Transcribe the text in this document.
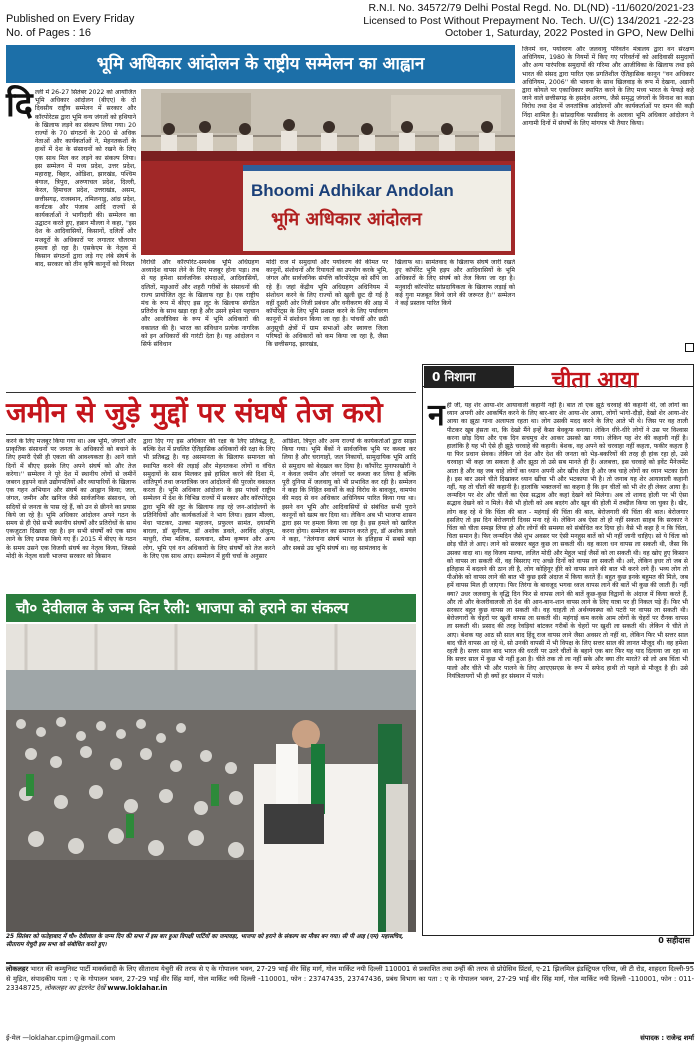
Published on Every Friday
No. of Pages : 16
R.N.I. No. 34572/79 Delhi Postal Regd. No. DL(ND) -11/6020/2021-23
Licensed to Post Without Prepayment No. Tech. U/(C) 134/2021 -22-23
October 1, Saturday, 2022 Posted in GPO, New Delhi
भूमि अधिकार आंदोलन के राष्ट्रीय सम्मेलन का आह्वान
दि ल्ली में 26-27 सितंबर 2022 को आयोजित भूमि अधिकार आंदोलन (बीएए) के दो दिवसीय राष्ट्रीय सम्मेलन में सरकार और कॉरपोरेटस द्वारा भूमि वन्य जंगलों को हथियाने के खिलाफ लड़ने का संकल्प लिया गया। 20 राज्यों के 70 संगठनों के 200 से अधिक नेताओं और कार्यकर्ताओं ने, मेहनतकशों के हाथों में देश के संसाधनों को रखने के लिए एक साथ मिल कर लड़ने का संकल्प लिया। इस सम्मेलन में मध्य प्रदेश, उत्तर प्रदेश, महाराष्ट्र, बिहार, ओडिशा, झारखंड, पश्चिम बंगाल, त्रिपुरा, अरुणाचल प्रदेश, दिल्ली, केरल, हिमाचल प्रदेश, उत्तराखंड, असम, छत्तीसगढ़, राजस्थान, तमिलनाडु, आंध्र प्रदेश, कर्नाटक और पंजाब आदि राज्यों से कार्यकर्ताओं ने भागीदारी की। सम्मेलन का उद्घाटन करते हुए, हन्नान मौल्ला ने कहा, ''इस देश के आदिवासियों, किसानों, दलितों और मजदूरों के अधिकारों पर लगातार चौतरफा हमला हो रहा है। एसकेएम के नेतृत्व में किसान संगठनों द्वारा लड़े गए लंबे संघर्ष के बाद, सरकार को तीन कृषि कानूनों को निरस्त
Bhoomi Adhikar Andolan
भूमि अधिकार आंदोलन
विरोधी और कॉरपोरेट-समर्थक भूमि अधिग्रहण अध्यादेश वापस लेने के लिए मजबूर होना पड़ा। तब से यह हमेशा सार्वजनिक संपदाओं, आदिवासियों, दलितों, मछुआरों और शहरी गरीबों के संसाधनों की राज्य प्रायोजित लूट के खिलाफ रहा है। एक राष्ट्रीय मंच के रूप में बीएए इस लूट के खिलाफ संगठित प्रतिरोध के साथ खड़ा रहा है और उसने हमेशा पहचान और आजीविका के रूप में भूमि अधिकारों की वकालत की है। भारत का संविधान प्रत्येक नागरिक को इन अधिकारों की गारंटी देता है। यह आंदोलन न सिर्फ संविधान
मोदी राज में समुदायों और पर्यावरण की कीमत पर कानूनों, संशोधनों और रियायतों का उपयोग करके भूमि, जंगल और सार्वजनिक संपत्ति कॉरपोरेट्स को सौंपे जा रहे हैं। जहां केंद्रीय भूमि अधिग्रहण अधिनियम में संशोधन करने के लिए राज्यों को खुली छूट दी गई है वहीं दूसरी ओर निजी प्रबंधन और वनीकरण की आड़ में कॉर्पोरेट्स के लिए भूमि प्रशस्त करने के लिए पर्यावरण कानूनों में संशोधन किया जा रहा है। पांचवीं और छठी अनुसूची क्षेत्रों में ग्राम सभाओं और स्वायत्त जिला परिषदों के अधिकारों को कम किया जा रहा है, जैसा कि छत्तीसगढ़, झारखंड,
खिलाफ था। सामंतवाद के खिलाफ संघर्ष जारी रखते हुए कॉर्पोरेट भूमि हड़प और आदिवासियों के भूमि अधिकारों के लिए संघर्ष को तेज किया जा रहा है। मनुवादी कॉरपोरेट सांप्रदायिकता के खिलाफ लड़ाई को कई गुना मजबूत किये जाने की जरूरत है।'' सम्मेलन ने कई प्रस्ताव पारित किये
जिनमें वन, पर्यावरण और जलवायु परिवर्तन मंत्रालय द्वारा वन संरक्षण अधिनियम, 1980 के नियमों में किए गए परिवर्तनों को आदिवासी समुदायों और अन्य पारंपरिक समुदायों की गरिमा और आजीविका के खिलाफ तथा इसे भारत की संसद द्वारा पारित एक प्रगतिशील ऐतिहासिक कानून ''वन अधिकार अधिनियम, 2006'' की भावना के साथ खिलवाड़ के रूप में देखना, अडानी द्वारा कोयले पर एकाधिकार स्थापित करने के लिए मध्य भारत के फेफड़े कहे जाने वाले छत्तीसगढ़ के हसदेव अरण्य, जैसे समृद्ध जंगलों के विनाश का कड़ा विरोध तथा देश में जनतांत्रिक आंदोलनों और कार्यकर्ताओं पर दमन की कड़ी निंदा शामिल है। सांप्रदायिक फासीवाद के अलावा भूमि अधिकार आंदोलन ने आगामी दिनों में संघर्षों के लिए मांगपत्र भी तैयार किया।
जमीन से जुड़े मुद्दों पर संघर्ष तेज करो
करने के लिए मजबूर किया गया था। अब भूमि, जंगलों और प्राकृतिक संसाधनों पर जनता के अधिकारों को बचाने के लिए हमारी ऐसी ही एकता की आवश्यकता है। आने वाले दिनों में बीएए इसके लिए अपने संघर्ष को और तेज करेगा।'' सम्मेलन ने पूरे देश में स्थानीय लोगों से जमीनें जबरन हड़पने वाले उद्योगपतियों और व्यापारियों के खिलाफ एक गहन अभियान और संघर्ष का आह्वान किया; जल, जंगल, जमीन और खनिज जैसे सार्वजनिक संसाधन, जो सदियों से जनता के पास रहे हैं, को उन से छीनने का प्रयास किये जा रहे है। भूमि अधिकार आंदोलन अपने गठन के समय से ही ऐसे सभी स्थानीय संघर्षों और प्रतिरोधों के साथ एकजुटता दिखाता रहा है। इन सभी संघर्षों को एक साथ लाने के लिए प्रयास किये गए हैं। 2015 में बीएए के गठन के समय उसने एक विजयी संघर्ष का नेतृत्व किया, जिससे मोदी के नेतृत्व वाली भाजपा सरकार को किसान
द्वारा दिए गए इस अधिकार की रक्षा के लिए प्रतिबद्ध है, बल्कि देश में प्रचलित ऐतिहासिक अधिकारों की रक्षा के लिए भी प्रतिबद्ध है। यह असमानता के खिलाफ समानता को स्थापित करने की लड़ाई और मेहनतकश लोगों व वंचित समुदायों के साथ मिलकर इसे हासिल करने की दिशा में, शांतिपूर्ण तथा जनतांत्रिक जन आंदोलनों की पुरजोर वकालत करता है। भूमि अधिकार आंदोलन के इस पांचवें राष्ट्रीय सम्मेलन में देश के विभिन्न राज्यों में सरकार और कॉरपोरेट्स द्वारा भूमि की लूट के खिलाफ लड़ रहे जन-आंदोलनों के प्रतिनिधियों और कार्यकर्ताओं ने भाग लिया। हन्नान मौल्ला, मेधा पाटकर, उल्का महाजन, प्रफुल्ल सामंत, दयामणि बारला, डॉ सुनीलम, डॉ अशोक डवले, अरविंद अंजुम, माधुरी, रोमा मलिक, सत्यवान, सौम्य कृष्णन और अन्य लोग, भूमि एवं वन अधिकारों के लिए संघर्षों को तेज करने के लिए एक साथ आए। सम्मेलन में हुयी चर्चा के अनुसार
ओडिशा, त्रिपुरा और अन्य राज्यों के कार्यकर्ताओं द्वारा साझा किया गया। भूमि बैंकों ने सार्वजनिक भूमि पर कब्जा कर लिया है और चरागाहों, जल निकायों, सामुदायिक भूमि आदि से समुदाय को बेदखल कर दिया है। कॉर्पोरेट मुनाफाखोरी ने न केवल जमीन और जंगलों पर कब्जा कर लिया है बल्कि पूरी दुनिया में जलवायु को भी प्रभावित कर रही है। सम्मेलन ने कहा कि निहित स्वार्थों के कड़े विरोध के बावजूद, वामपंथ की मदद से वन अधिकार अधिनियम पारित किया गया था। इसने वन भूमि और आदिवासियों से संबंधित सभी पुराने कानूनों को खत्म कर दिया था। लेकिन अब भी भाजपा शासन द्वारा इस पर हमला किया जा रहा है। इस हमले को खारिज करना होगा। सम्मेलन का समापन करते हुए, डॉ अशोक डवले ने कहा, ''तेलंगाना संघर्ष भारत के इतिहास में सबसे बड़ा और सबसे उग्र भूमि संघर्ष था। वह सामंतवाद के
0 निशाना	चीता आया
न हीं जी, यह शेर आया-शेर आयावाली कहानी नहीं है। बात तो एक झूठे चरवाहे की कहानी थी, जो लोगों का ध्यान अपनी ओर आकर्षित करने के लिए बार-बार शेर आया-शेर आया, लोगों भागो-दौड़ो, देखो शेर आया-शेर आया का झूठा गाना अलापता रहता था। लोग उसकी मदद करने के लिए आते भी थे। जिस पर वह ताली पीटकर खूब हंसता था, कि देखो मैंने इन्हें कैसा बेवकूफ बनाया। लेकिन धीरे-धीरे लोगों ने उस पर विश्वास करना छोड़ दिया और एक दिन सचमुच शेर आकर उसको खा गया। लेकिन यह शेर की कहानी नहीं है। हालांकि है यह भी ऐसे ही झूठे चरवाहे की कहानी। बेशक, वह अपने को चरवाहा नहीं कहता, फकीर कहता है या फिर प्रधान सेवक। लेकिन जो देश और देश की जनता को भेड़-बकरियों की तरह ही हांक रहा हो, उसे चरवाहा भी कहा जा सकता है और झूठा तो उसे सब मानते ही हैं। अलबत्ता, इस चरवाहे को इवेंट मैनेजमेंट आता है और वह जब चाहे लोगों का ध्यान अपनी ओर खींच लेता है और जब चाहे लोगों का ध्यान भटका देता है। इस बार उसने चीते दिखाकर ध्यान खींचा भी और भटकाया भी है। तो जनाब यह शेर आयावाली कहानी नहीं, यह तो चीतों की कहानी है। हालांकि भक्तजनों का कहना है कि इन चीतों को भी शेर ही लेकर आया है। जन्मदिन पर शेर और चीतों का ऐसा सद्भाव और कहां देखने को मिलेगा। अब तो शायद होली पर भी ऐसा सद्भाव देखने को न मिले। वैसे भी होली को अब बदरंग और खून की होली में तब्दील किया जा चुका है। खैर, लोग कह रहे थे कि चिंता की बात - महंगाई की चिंता की बात, बेरोजगारी की चिंता की बात। बेरोजगार इसलिए तो इस दिन बेरोजगारी दिवस मना रहे थे। लेकिन अब ऐसा तो हो नहीं सकता साहब कि सरकार ने चिंता को चीता समझ लिया हो और लोगों की समस्या को संबोधित कर दिया हो। वैसे भी कहा है न कि चिंता, चिता समान है। फिर जन्मदिन जैसे शुभ अवसर पर ऐसी मनहूस बातें को भी नहीं जानी चाहिए। सो ये चिंता को छोड़ चीते ले आए। लाने को सरकार बहुत कुछ ला सकती थी। वह काला धन वापस ला सकती थी, जैसा कि उसका वादा था। वह विजय माल्या, ललित मोदी और मेहुल भाई जैसों को ला सकती थी। वह खोए हुए किसान को वापस ला सकती थी, वह बिसराए गए अच्छे दिनों को वापस ला सकती थी। अरे, लेकिन इधर तो जब से इतिहास में बदलने की ठान ली है, लोग कोहिनूर हीरे को वापस लाने की बात भी करने लगे हैं। भव्य लोग तो पीओके को वापस लाने की बात भी कुछ इसी अंदाज में किया करते हैं। बहुत कुछ इनके बहुमत की मिले, जब हमें वापस मिल ही जाएगा। फिर तिरंगा के बावजूद भगवा ध्वज वापस लाने की बातें भी कुछ की जाती हैं। नहीं क्या? उधर जलवायु के वृद्धि दिन फिर से वापस लाने की बातें कुछ-कुछ विद्वानों के अंदाज में किया करते हैं, और तो और केजरीवालजी तो देश की आन-बान-शान वापस लाने के लिए यात्रा पर ही निकल पड़े हैं। फिर भी सरकार बहुत कुछ वापस ला सकती थी। वह चाहती तो अर्थव्यवस्था को पटरी पर वापस ला सकती थी। बेरोजगारों के चेहरों पर खुशी वापस ला सकती थी। महंगाई कम करके आम लोगों के चेहरों पर रौनक वापस ला सकती थी। प्रसाद की तरह रेवड़ियां बांटकर गरीबों के चेहरों पर खुशी ला सकती थी। लेकिन ये चीते ले आए। बेशक यह आठ सौ साल बाद हिंदू राज वापस लाने जैसा अवसर तो नहीं था, लेकिन फिर भी सत्तर साल बाद चीते वापस आ रहे थे, सो उनकी वापसी में भी विपक्ष के लिए सत्तर साल की लानत मौजूद थी। वह हमेशा रहती है। सत्तर साल बाद भारत की धरती पर उतरे चीतों के बहाने एक बार फिर यह याद दिलाया जा रहा था कि सत्तर साल में कुछ भी नहीं हुआ है। चीते तक तो ला नहीं सके और क्या तीर मारते? सो लो अब चिंता भी पालो और चीते भी और पालने के लिए आएएसएस के रूप में सफेद हाथी तो पहले से मौजूद है ही। उसे नियंत्रितायगों भी ही क्यों हर संस्थान में पाले।
0 सहीदास
चौ० देवीलाल के जन्म दिन रैली: भाजपा को हराने का संकल्प
25 सितंबर को फतेहाबाद में चौ० देवीलाल के जन्म दिन की सभा में इस बार हुआ विपक्षी पार्टियों का जमावड़ा, भाजपा को हराने के संकल्प का मौका बन गया। सी पी आइ (एम) महासचिव, सीताराम येचुरी इस सभा को संबोधित करते हुए।
लोकलहर भारत की कम्युनिस्ट पार्टी मार्क्सवादी के लिए सीताराम येचुरी की तरफ से ए के गोपालन भवन, 27-29 भाई वीर सिंह मार्ग, गोल मार्किट नयी दिल्ली 110001 से प्रकाशित तथा उन्हीं की तरफ से प्रोग्रेसिव प्रिंटर्स, ए-21 झिलमिल इंडस्ट्रियल एरिया, जी टी रोड, शाहदरा दिल्ली-95 से मुद्रित, संपादकीय पता : ए के गोपालन भवन, 27-29 भाई वीर सिंह मार्ग, गोल मार्किट नयी दिल्ली -110001, फोन : 23747435, 23747436, प्रबंध विभाग का पता : ए के गोपालन भवन, 27-29 भाई वीर सिंह मार्ग, गोल मार्किट नयी दिल्ली -110001, फोन : 011-23348725, लोकलहर का इंटरनेट देखें www.loklahar.in
ई-मेल —loklahar.cpim@gmail.com	संपादक : राजेन्द्र शर्मा
